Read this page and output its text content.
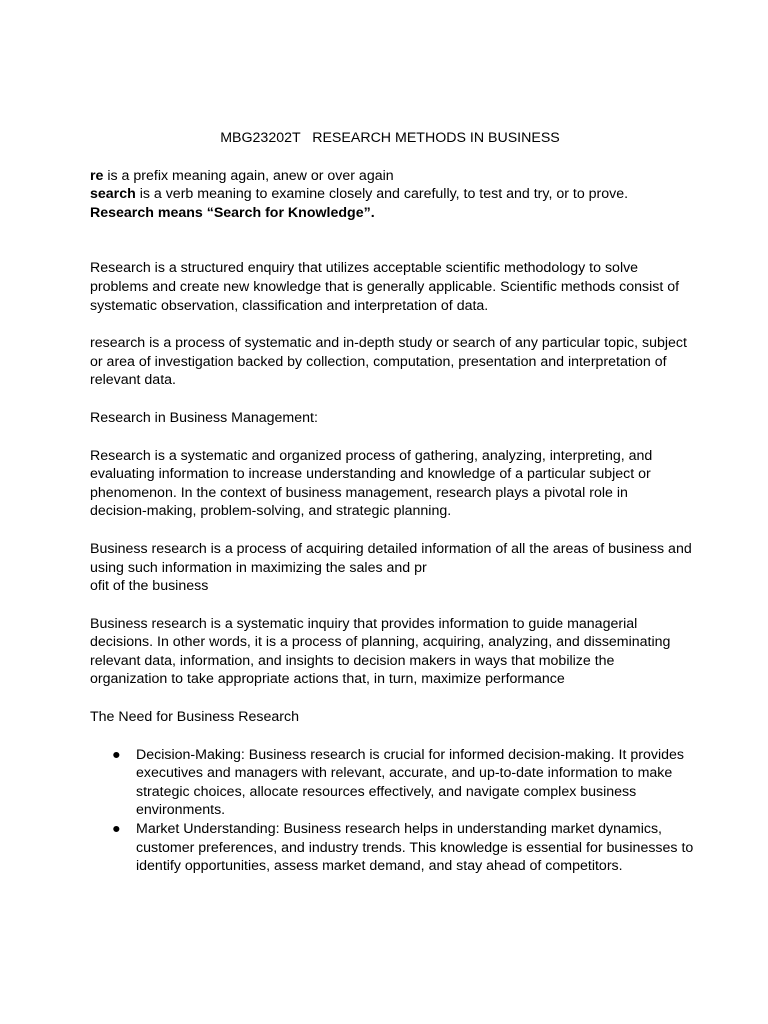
MBG23202T   RESEARCH METHODS IN BUSINESS

re is a prefix meaning again, anew or over again

search is a verb meaning to examine closely and carefully, to test and try, or to prove.

Research means “Search for Knowledge”.

Research is a structured enquiry that utilizes acceptable scientific methodology to solve
problems and create new knowledge that is generally applicable. Scientific methods consist of
systematic observation, classification and interpretation of data.

research is a process of systematic and in-depth study or search of any particular topic, subject
or area of investigation backed by collection, computation, presentation and interpretation of
relevant data.

Research in Business Management:

Research is a systematic and organized process of gathering, analyzing, interpreting, and
evaluating information to increase understanding and knowledge of a particular subject or
phenomenon. In the context of business management, research plays a pivotal role in
decision-making, problem-solving, and strategic planning.

Business research is a process of acquiring detailed information of all the areas of business and
using such information in maximizing the sales and pr
ofit of the business

Business research is a systematic inquiry that provides information to guide managerial
decisions. In other words, it is a process of planning, acquiring, analyzing, and disseminating
relevant data, information, and insights to decision makers in ways that mobilize the
organization to take appropriate actions that, in turn, maximize performance

The Need for Business Research

● Decision-Making: Business research is crucial for informed decision-making. It provides
executives and managers with relevant, accurate, and up-to-date information to make
strategic choices, allocate resources effectively, and navigate complex business
environments.
● Market Understanding: Business research helps in understanding market dynamics,
customer preferences, and industry trends. This knowledge is essential for businesses to
identify opportunities, assess market demand, and stay ahead of competitors.
